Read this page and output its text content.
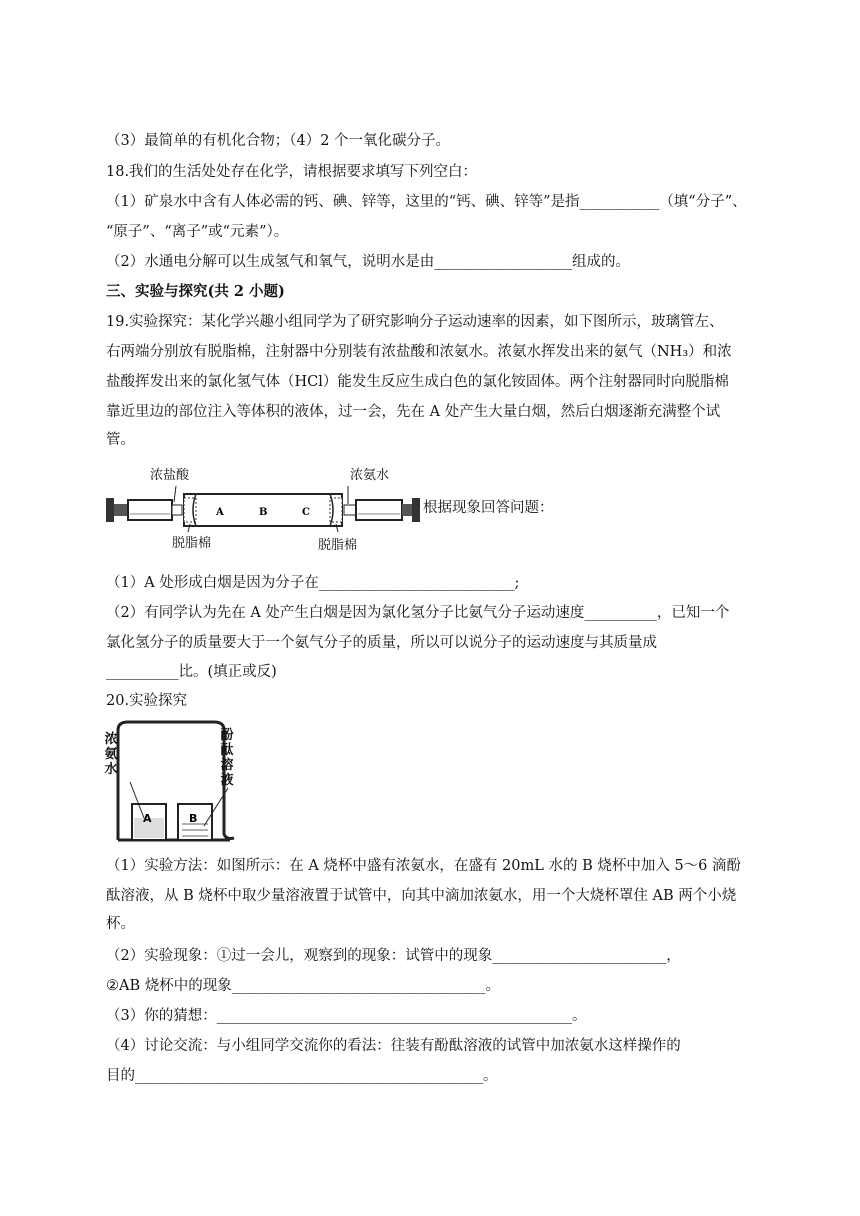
（3）最简单的有机化合物；（4）2 个一氧化碳分子。
18.我们的生活处处存在化学，请根据要求填写下列空白：
（1）矿泉水中含有人体必需的钙、碘、锌等，这里的“钙、碘、锌等”是指___________（填“分子”、
“原子”、“离子”或“元素”）。
（2）水通电分解可以生成氢气和氧气，说明水是由___________________组成的。
三、实验与探究(共 2 小题)
19.实验探究：某化学兴趣小组同学为了研究影响分子运动速率的因素，如下图所示，玻璃管左、
右两端分别放有脱脂棉，注射器中分别装有浓盐酸和浓氨水。浓氨水挥发出来的氨气（NH₃）和浓
盐酸挥发出来的氯化氢气体（HCl）能发生反应生成白色的氯化铵固体。两个注射器同时向脱脂棉
靠近里边的部位注入等体积的液体，过一会，先在 A 处产生大量白烟，然后白烟逐渐充满整个试
管。
A	B	C
浓盐酸	浓氨水
脱脂棉	脱脂棉
根据现象回答问题：
（1）A 处形成白烟是因为分子在___________________________;
（2）有同学认为先在 A 处产生白烟是因为氯化氢分子比氨气分子运动速度__________，已知一个
氯化氢分子的质量要大于一个氨气分子的质量，所以可以说分子的运动速度与其质量成
__________比。(填正或反)
20.实验探究
A	B
浓
氨
水
酚
酞
溶
液
（1）实验方法：如图所示：在 A 烧杯中盛有浓氨水，在盛有 20mL 水的 B 烧杯中加入 5～6 滴酚
酞溶液，从 B 烧杯中取少量溶液置于试管中，向其中滴加浓氨水，用一个大烧杯罩住 AB 两个小烧
杯。
（2）实验现象：①过一会儿，观察到的现象：试管中的现象________________________，
②AB 烧杯中的现象___________________________________。
（3）你的猜想：_________________________________________________。
（4）讨论交流：与小组同学交流你的看法：往装有酚酞溶液的试管中加浓氨水这样操作的
目的________________________________________________。
